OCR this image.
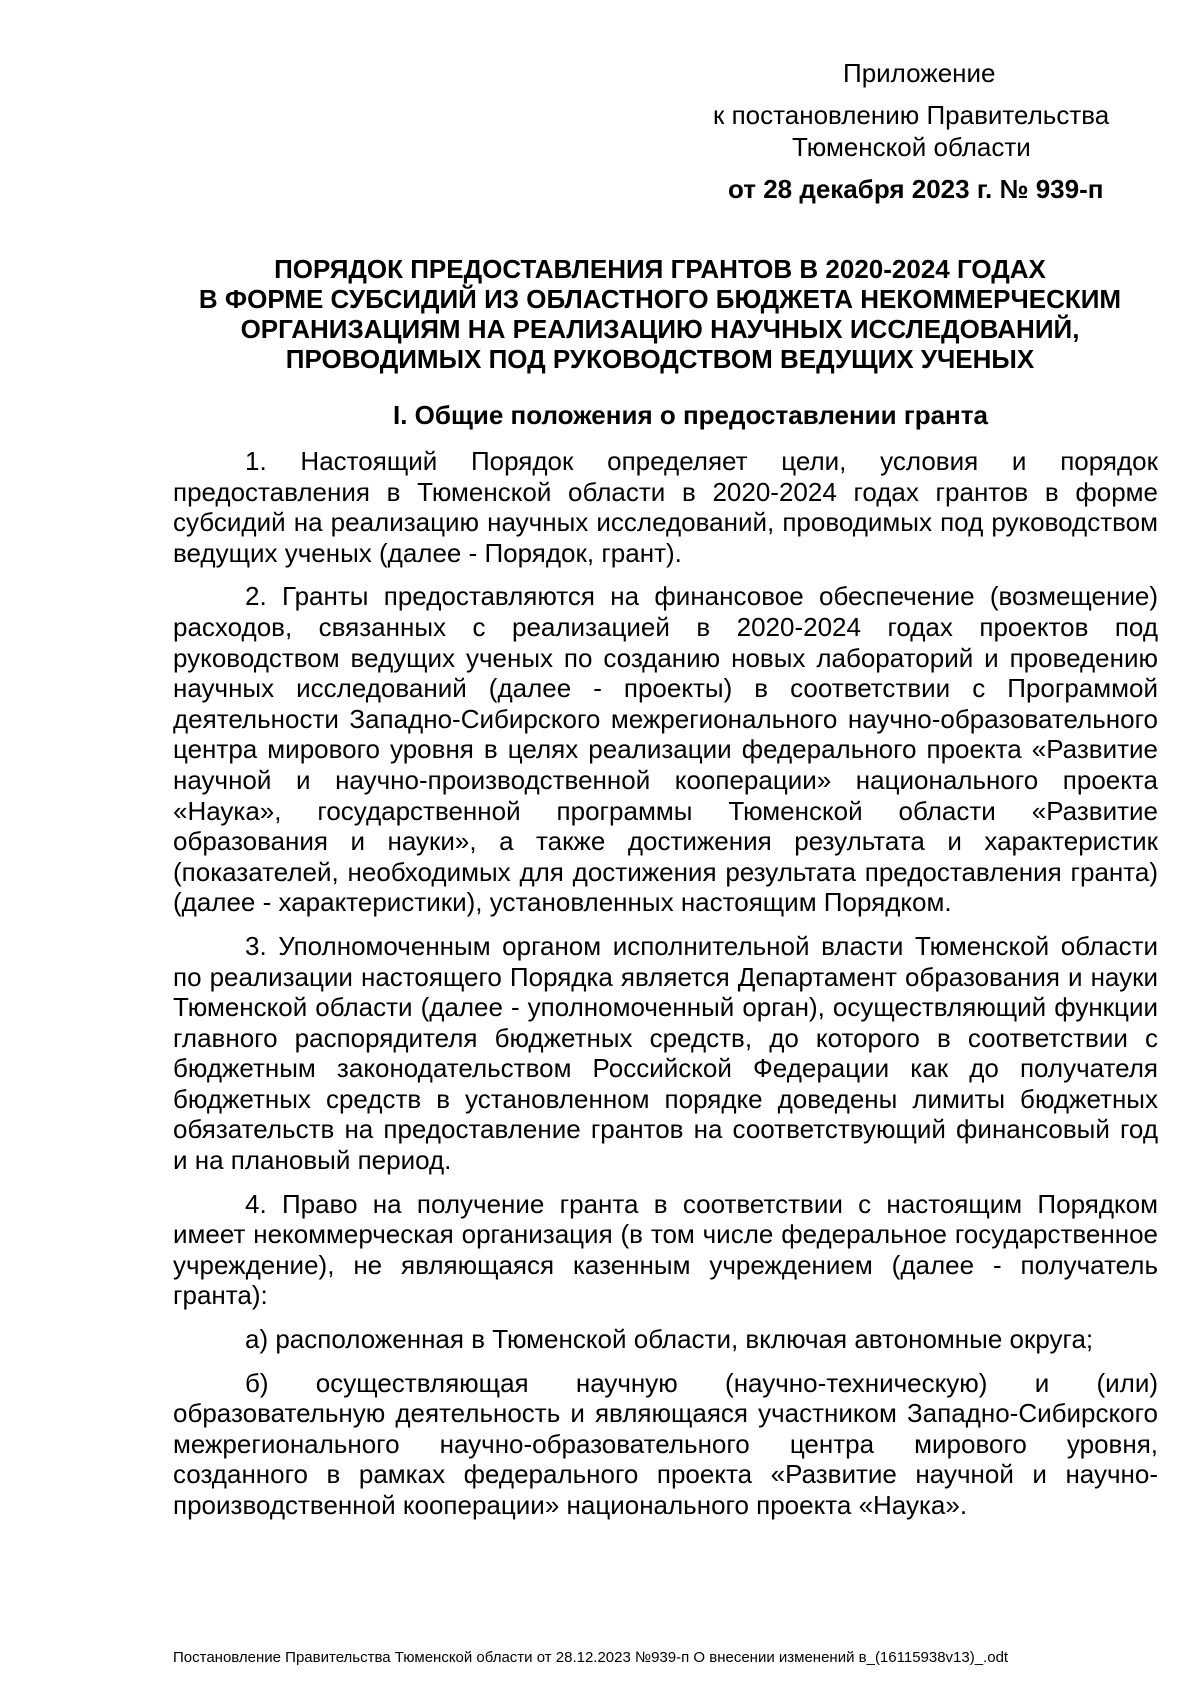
Приложение
к постановлению Правительства
Тюменской области
от 28 декабря 2023 г. № 939-п
ПОРЯДОК ПРЕДОСТАВЛЕНИЯ ГРАНТОВ В 2020-2024 ГОДАХ
В ФОРМЕ СУБСИДИЙ ИЗ ОБЛАСТНОГО БЮДЖЕТА НЕКОММЕРЧЕСКИМ
ОРГАНИЗАЦИЯМ НА РЕАЛИЗАЦИЮ НАУЧНЫХ ИССЛЕДОВАНИЙ,
ПРОВОДИМЫХ ПОД РУКОВОДСТВОМ ВЕДУЩИХ УЧЕНЫХ
I. Общие положения о предоставлении гранта

1. Настоящий Порядок определяет цели, условия и порядок предоставления в Тюменской области в 2020-2024 годах грантов в форме субсидий на реализацию научных исследований, проводимых под руководством ведущих ученых (далее - Порядок, грант).

2. Гранты предоставляются на финансовое обеспечение (возмещение) расходов, связанных с реализацией в 2020-2024 годах проектов под руководством ведущих ученых по созданию новых лабораторий и проведению научных исследований (далее - проекты) в соответствии с Программой деятельности Западно-Сибирского межрегионального научно-образовательного центра мирового уровня в целях реализации федерального проекта «Развитие научной и научно-производственной кооперации» национального проекта «Наука», государственной программы Тюменской области «Развитие образования и науки», а также достижения результата и характеристик (показателей, необходимых для достижения результата предоставления гранта) (далее - характеристики), установленных настоящим Порядком.

3. Уполномоченным органом исполнительной власти Тюменской области по реализации настоящего Порядка является Департамент образования и науки Тюменской области (далее - уполномоченный орган), осуществляющий функции главного распорядителя бюджетных средств, до которого в соответствии с бюджетным законодательством Российской Федерации как до получателя бюджетных средств в установленном порядке доведены лимиты бюджетных обязательств на предоставление грантов на соответствующий финансовый год и на плановый период.

4. Право на получение гранта в соответствии с настоящим Порядком имеет некоммерческая организация (в том числе федеральное государственное учреждение), не являющаяся казенным учреждением (далее - получатель гранта):

а) расположенная в Тюменской области, включая автономные округа;

б) осуществляющая научную (научно-техническую) и (или) образовательную деятельность и являющаяся участником Западно-Сибирского межрегионального научно-образовательного центра мирового уровня, созданного в рамках федерального проекта «Развитие научной и научно-производственной кооперации» национального проекта «Наука».

Постановление Правительства Тюменской области от 28.12.2023 №939-п О внесении изменений в_(16115938v13)_.odt
